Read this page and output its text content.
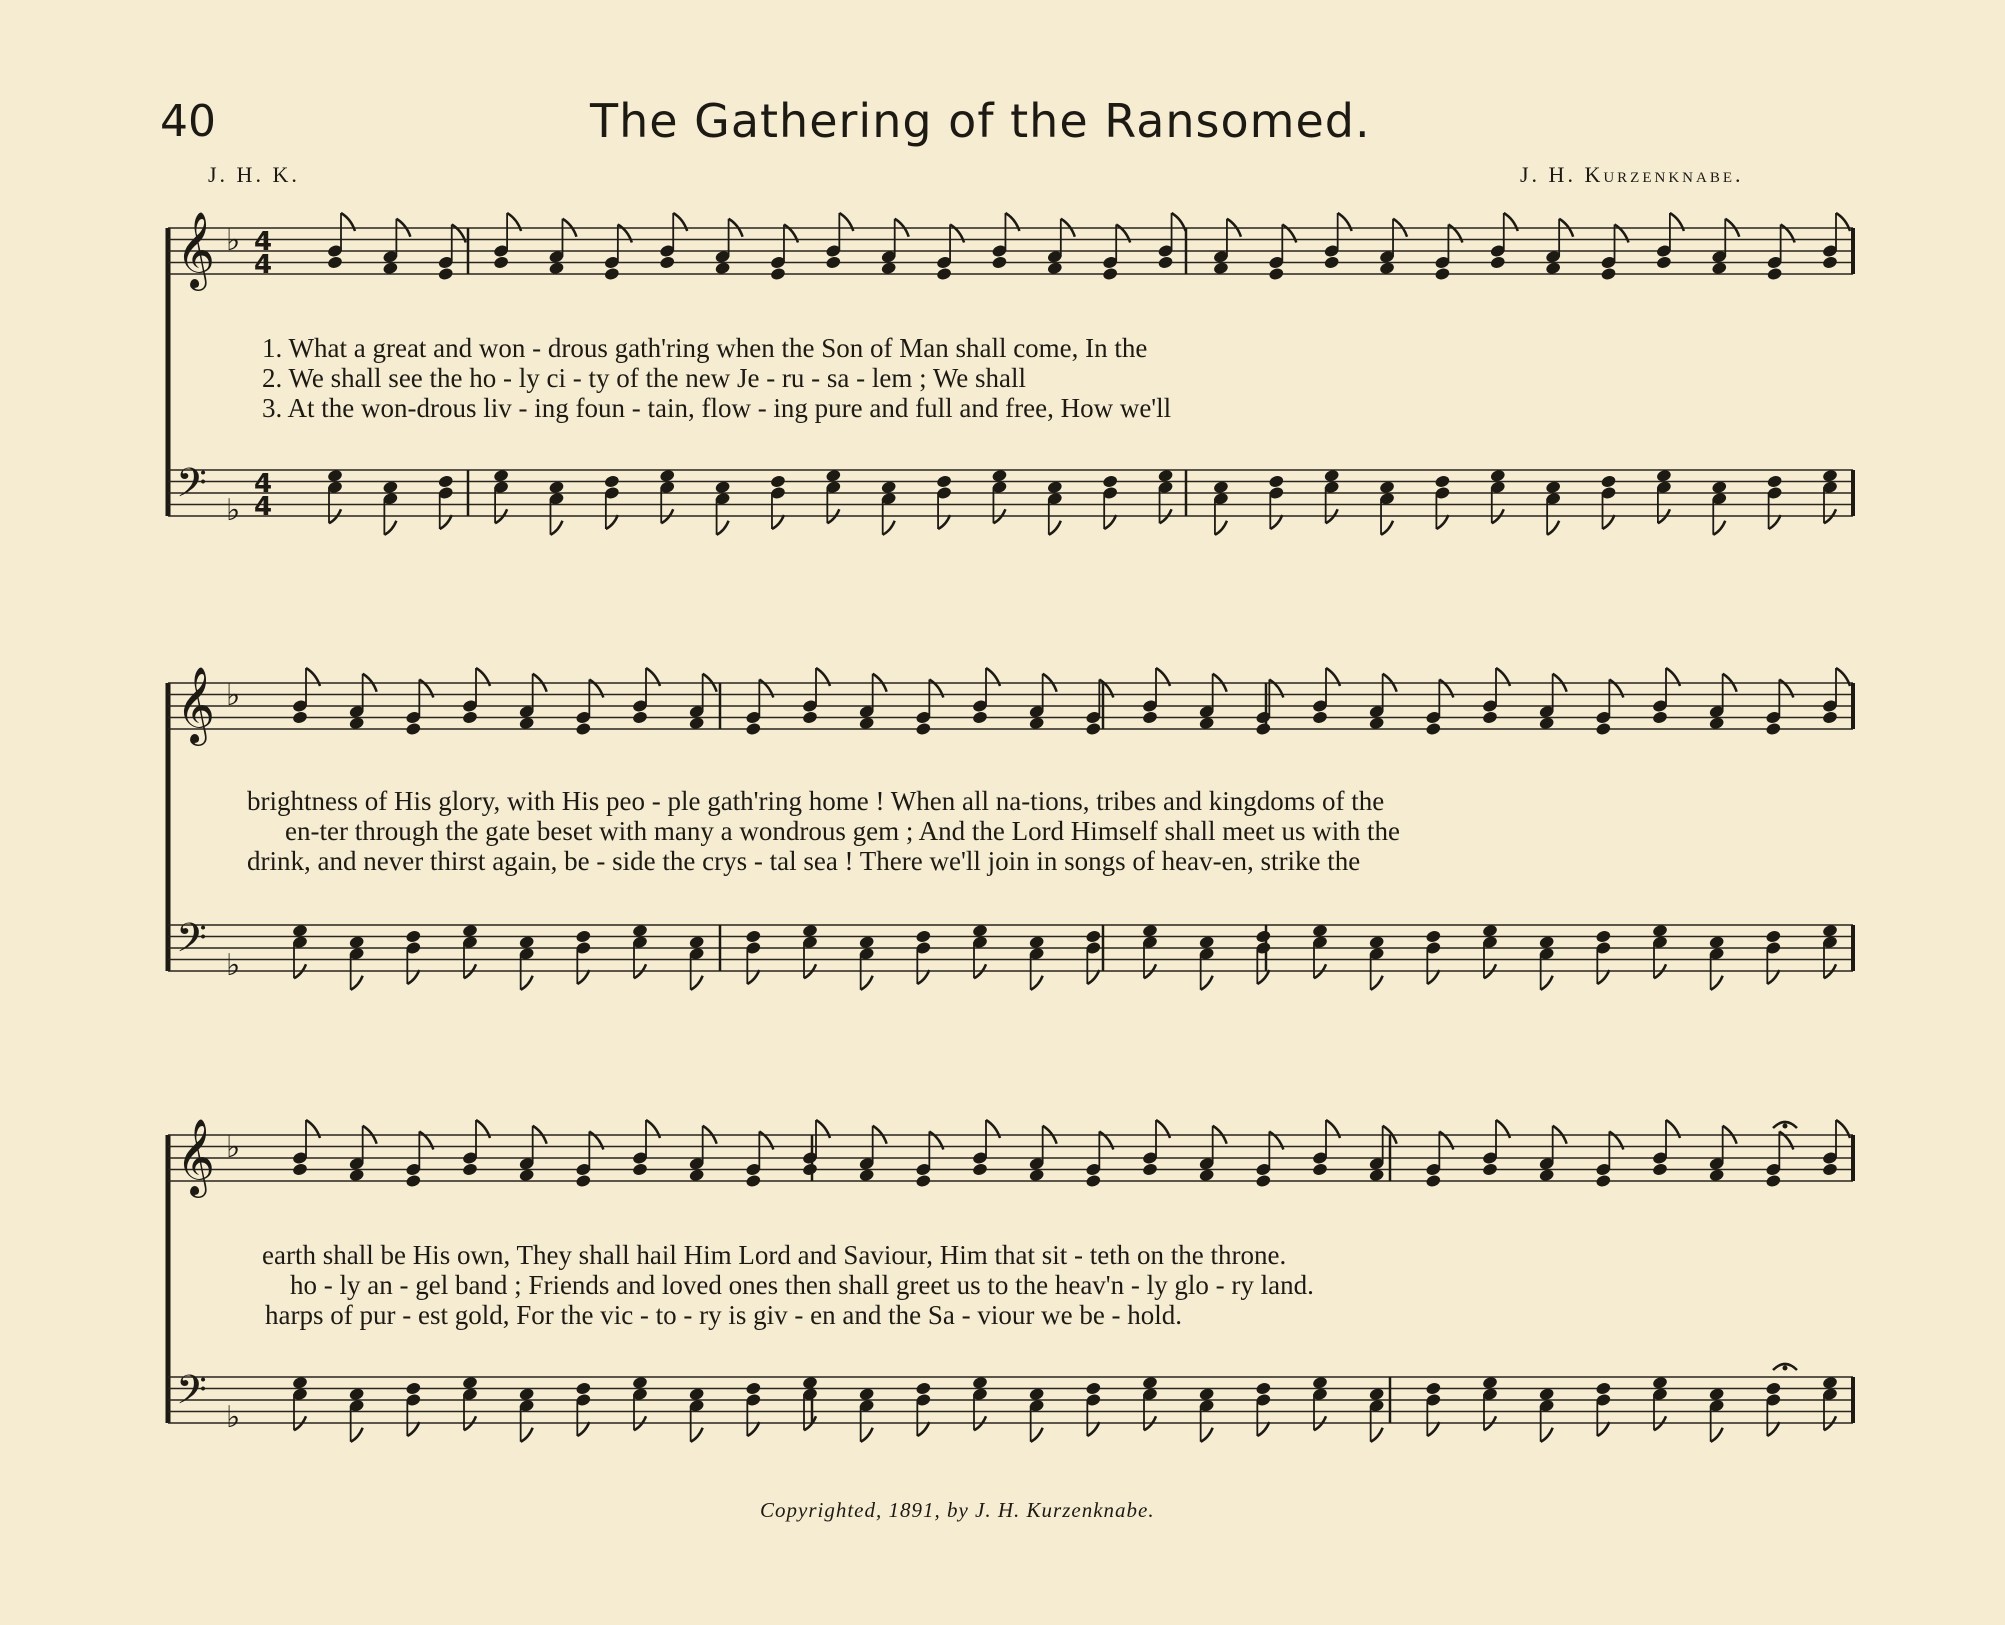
40	The Gathering of the Ransomed.
J. H. K.	J. H. Kurzenknabe.
𝄞 ♭ 4
4
𝄢 ♭
4
4
𝄞 ♭
𝄢 ♭
𝄞 ♭
𝄢 ♭
1. What a great and won - drous gath'ring when the Son of Man shall come, In the
2. We shall see the ho - ly ci - ty of the new Je - ru - sa - lem ; We shall
3. At the won-drous liv - ing foun - tain, flow - ing pure and full and free, How we'll
brightness of His glory, with His peo - ple gath'ring home ! When all na-tions, tribes and kingdoms of the
en-ter through the gate beset with many a wondrous gem ; And the Lord Himself shall meet us with the
drink, and never thirst again, be - side the crys - tal sea ! There we'll join in songs of heav-en, strike the
earth shall be His own, They shall hail Him Lord and Saviour, Him that sit - teth on the throne.
ho - ly an - gel band ; Friends and loved ones then shall greet us to the heav'n - ly glo - ry land.
harps of pur - est gold, For the vic - to - ry is giv - en and the Sa - viour we be - hold.
Copyrighted, 1891, by J. H. Kurzenknabe.
